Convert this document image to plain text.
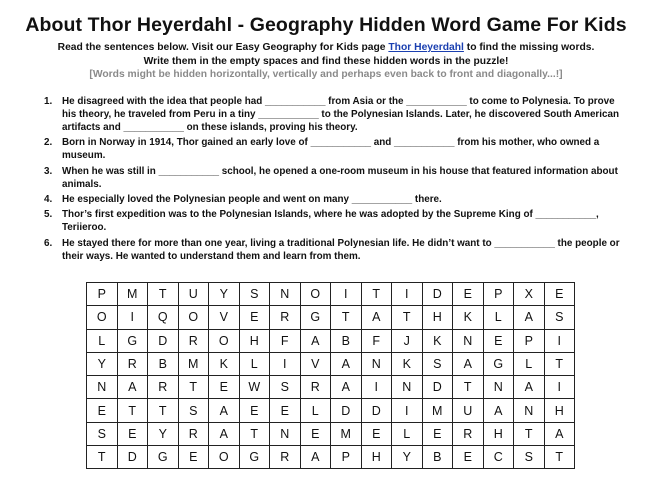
About Thor Heyerdahl - Geography Hidden Word Game For Kids
Read the sentences below. Visit our Easy Geography for Kids page Thor Heyerdahl to find the missing words.
Write them in the empty spaces and find these hidden words in the puzzle!
[Words might be hidden horizontally, vertically and perhaps even back to front and diagonally...!]
1. He disagreed with the idea that people had ___________ from Asia or the ___________ to come to Polynesia. To prove his theory, he traveled from Peru in a tiny ___________ to the Polynesian Islands. Later, he discovered South American artifacts and ___________ on these islands, proving his theory.
2. Born in Norway in 1914, Thor gained an early love of ___________ and ___________ from his mother, who owned a museum.
3. When he was still in ___________ school, he opened a one-room museum in his house that featured information about animals.
4. He especially loved the Polynesian people and went on many ___________ there.
5. Thor’s first expedition was to the Polynesian Islands, where he was adopted by the Supreme King of ___________, Teriieroo.
6. He stayed there for more than one year, living a traditional Polynesian life. He didn’t want to ___________ the people or their ways. He wanted to understand them and learn from them.
P	M	T	U	Y	S	N	O	I	T	I	D	E	P	X	E
O	I	Q	O	V	E	R	G	T	A	T	H	K	L	A	S
L	G	D	R	O	H	F	A	B	F	J	K	N	E	P	I
Y	R	B	M	K	L	I	V	A	N	K	S	A	G	L	T
N	A	R	T	E	W	S	R	A	I	N	D	T	N	A	I
E	T	T	S	A	E	E	L	D	D	I	M	U	A	N	H
S	E	Y	R	A	T	N	E	M	E	L	E	R	H	T	A
T	D	G	E	O	G	R	A	P	H	Y	B	E	C	S	T
